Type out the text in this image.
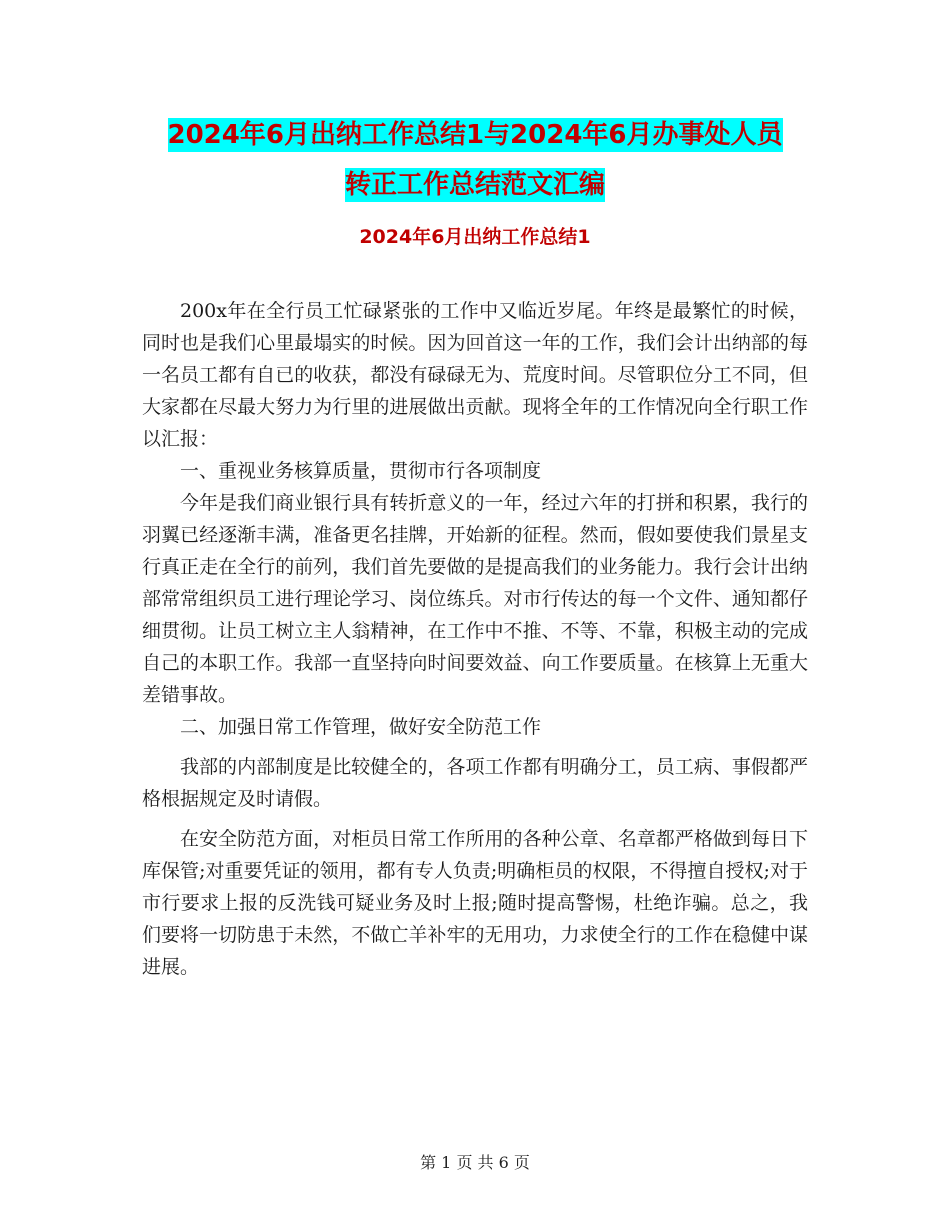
2024年6月出纳工作总结1与2024年6月办事处人员
转正工作总结范文汇编
2024年6月出纳工作总结1

200x年在全行员工忙碌紧张的工作中又临近岁尾。年终是最繁忙的时候，同时也是我们心里最塌实的时候。因为回首这一年的工作，我们会计出纳部的每一名员工都有自已的收获，都没有碌碌无为、荒度时间。尽管职位分工不同，但大家都在尽最大努力为行里的进展做出贡献。现将全年的工作情况向全行职工作以汇报：

一、重视业务核算质量，贯彻市行各项制度

今年是我们商业银行具有转折意义的一年，经过六年的打拼和积累，我行的羽翼已经逐渐丰满，准备更名挂牌，开始新的征程。然而，假如要使我们景星支行真正走在全行的前列，我们首先要做的是提高我们的业务能力。我行会计出纳部常常组织员工进行理论学习、岗位练兵。对市行传达的每一个文件、通知都仔细贯彻。让员工树立主人翁精神，在工作中不推、不等、不靠，积极主动的完成自己的本职工作。我部一直坚持向时间要效益、向工作要质量。在核算上无重大差错事故。

二、加强日常工作管理，做好安全防范工作

我部的内部制度是比较健全的，各项工作都有明确分工，员工病、事假都严格根据规定及时请假。

在安全防范方面，对柜员日常工作所用的各种公章、名章都严格做到每日下库保管;对重要凭证的领用，都有专人负责;明确柜员的权限，不得擅自授权;对于市行要求上报的反洗钱可疑业务及时上报;随时提高警惕，杜绝诈骗。总之，我们要将一切防患于未然，不做亡羊补牢的无用功，力求使全行的工作在稳健中谋进展。

第 1 页 共 6 页
